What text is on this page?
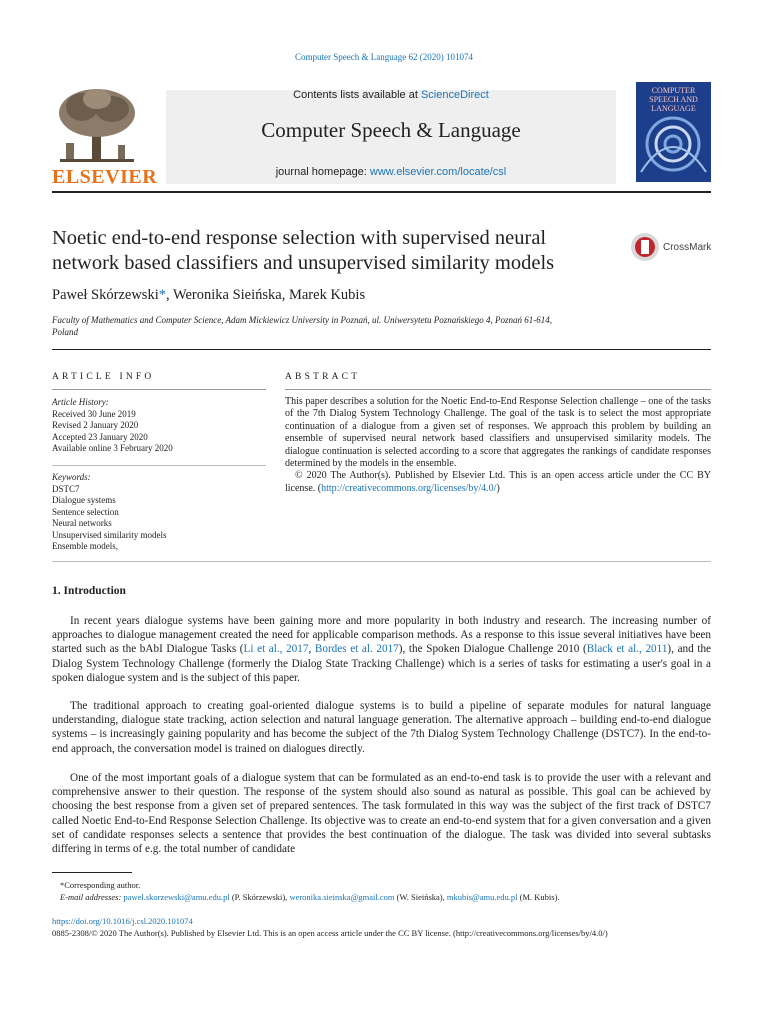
Computer Speech & Language 62 (2020) 101074
ELSEVIER
Contents lists available at ScienceDirect
Computer Speech & Language
journal homepage: www.elsevier.com/locate/csl
COMPUTER SPEECH AND LANGUAGE
Noetic end-to-end response selection with supervised neural
network based classifiers and unsupervised similarity models
CrossMark
Paweł Skórzewski*, Weronika Sieińska, Marek Kubis
Faculty of Mathematics and Computer Science, Adam Mickiewicz University in Poznań, ul. Uniwersytetu Poznańskiego 4, Poznań 61-614,
Poland
ARTICLE INFO
Article History:
Received 30 June 2019
Revised 2 January 2020
Accepted 23 January 2020
Available online 3 February 2020
Keywords:
DSTC7
Dialogue systems
Sentence selection
Neural networks
Unsupervised similarity models
Ensemble models,
ABSTRACT
This paper describes a solution for the Noetic End-to-End Response Selection challenge – one of the tasks of the 7th Dialog System Technology Challenge. The goal of the task is to select the most appropriate continuation of a dialogue from a given set of responses. We approach this problem by building an ensemble of supervised neural network based classifiers and unsupervised similarity models. The dialogue continuation is selected according to a score that aggregates the rankings of candidate responses determined by the models in the ensemble.
© 2020 The Author(s). Published by Elsevier Ltd. This is an open access article under the CC BY license. (http://creativecommons.org/licenses/by/4.0/)
1. Introduction
In recent years dialogue systems have been gaining more and more popularity in both industry and research. The increasing number of approaches to dialogue management created the need for applicable comparison methods. As a response to this issue several initiatives have been started such as the bAbI Dialogue Tasks (Li et al., 2017, Bordes et al. 2017), the Spoken Dialogue Challenge 2010 (Black et al., 2011), and the Dialog System Technology Challenge (formerly the Dialog State Tracking Challenge) which is a series of tasks for estimating a user's goal in a spoken dialogue system and is the subject of this paper.
The traditional approach to creating goal-oriented dialogue systems is to build a pipeline of separate modules for natural language understanding, dialogue state tracking, action selection and natural language generation. The alternative approach – building end-to-end dialogue systems – is increasingly gaining popularity and has become the subject of the 7th Dialog System Technology Challenge (DSTC7). In the end-to-end approach, the conversation model is trained on dialogues directly.
One of the most important goals of a dialogue system that can be formulated as an end-to-end task is to provide the user with a relevant and comprehensive answer to their question. The response of the system should also sound as natural as possible. This goal can be achieved by choosing the best response from a given set of prepared sentences. The task formulated in this way was the subject of the first track of DSTC7 called Noetic End-to-End Response Selection Challenge. Its objective was to create an end-to-end system that for a given conversation and a given set of candidate responses selects a sentence that provides the best continuation of the dialogue. The task was divided into several subtasks differing in terms of e.g. the total number of candidate
*Corresponding author.
E-mail addresses: pawel.skorzewski@amu.edu.pl (P. Skórzewski), weronika.sieinska@gmail.com (W. Sieińska), mkubis@amu.edu.pl (M. Kubis).
https://doi.org/10.1016/j.csl.2020.101074
0885-2308/© 2020 The Author(s). Published by Elsevier Ltd. This is an open access article under the CC BY license. (http://creativecommons.org/licenses/by/4.0/)
